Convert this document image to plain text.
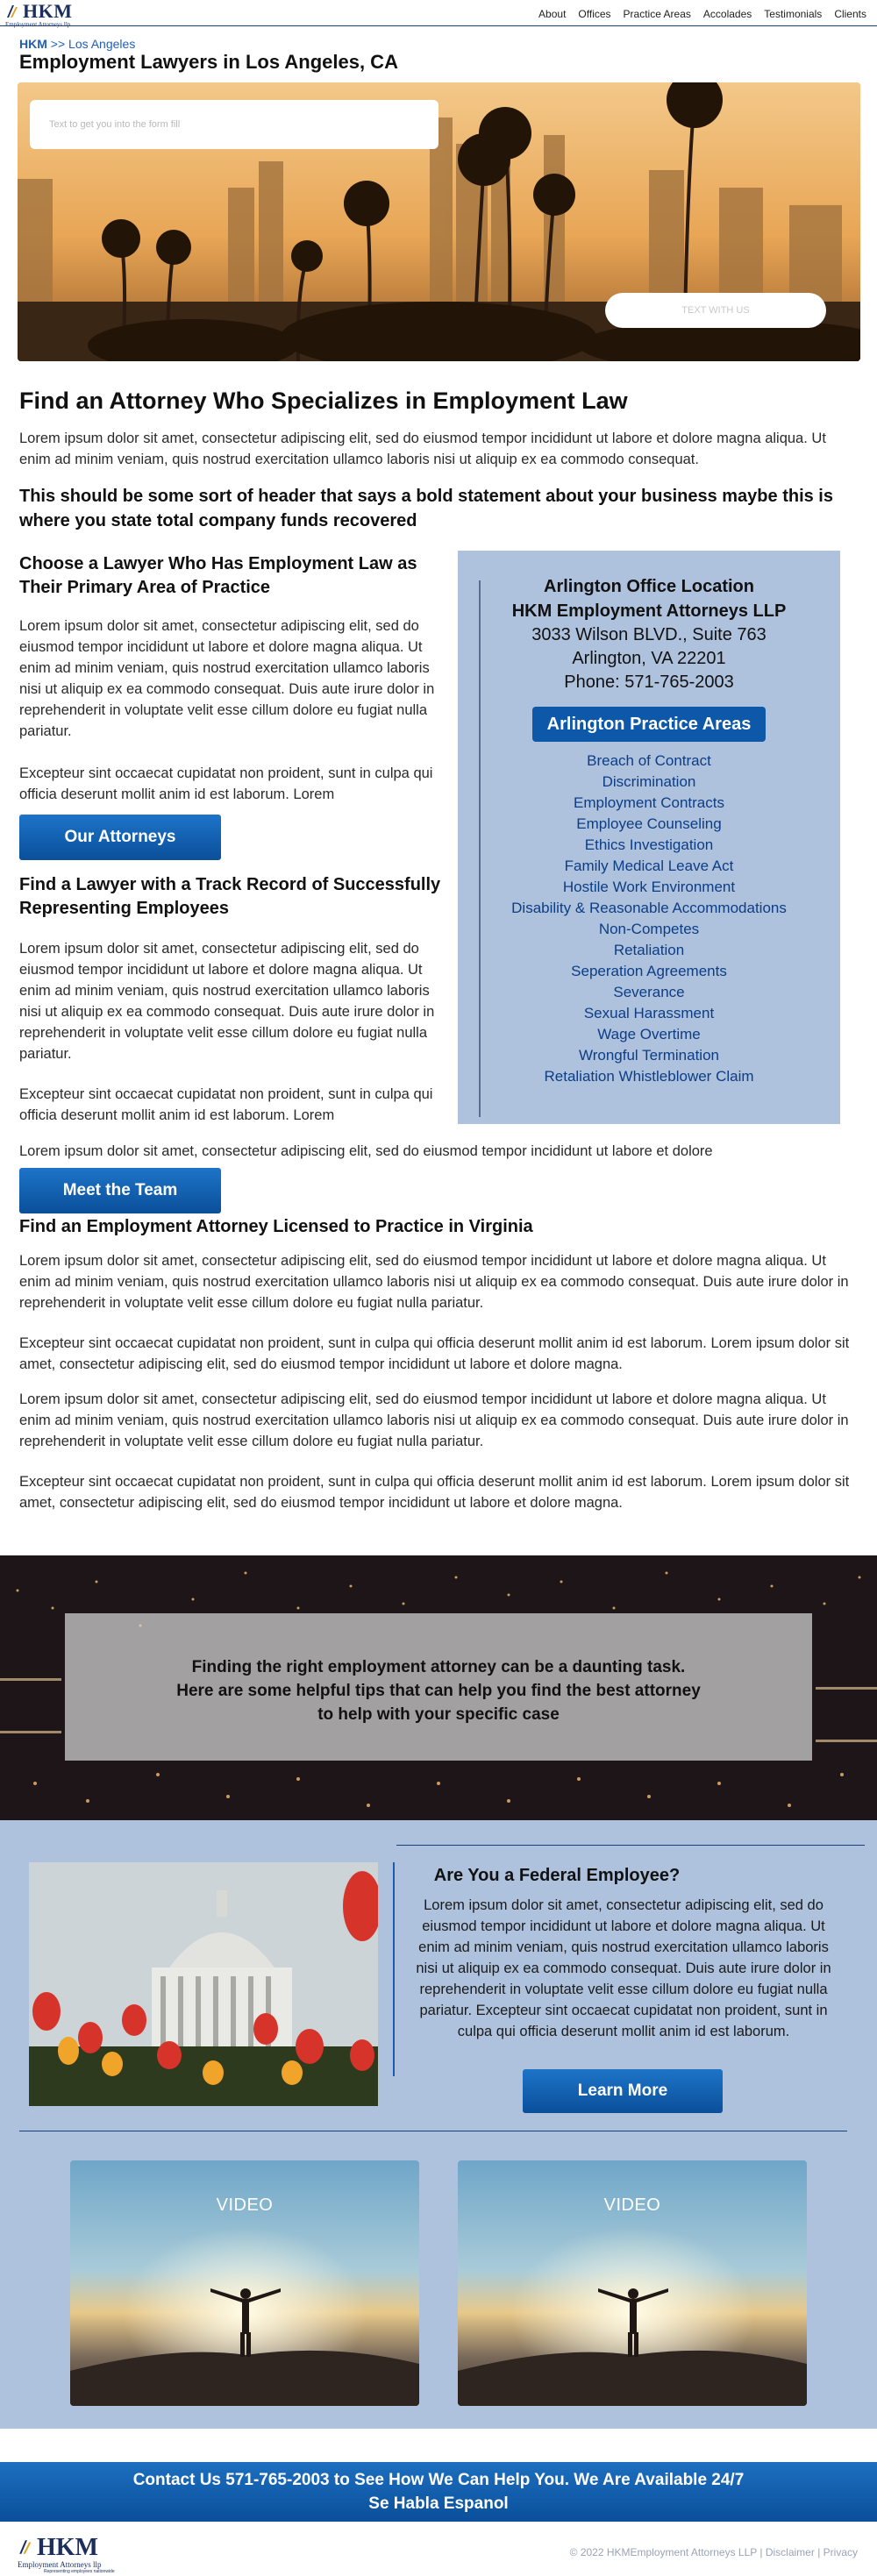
HKM
Employment Attorneys llp
About Offices Practice Areas Accolades Testimonials Clients
HKM >> Los Angeles
Employment Lawyers in Los Angeles, CA
Text to get you into the form fill
TEXT WITH US
Find an Attorney Who Specializes in Employment Law
Lorem ipsum dolor sit amet, consectetur adipiscing elit, sed do eiusmod tempor incididunt ut labore et dolore magna aliqua. Ut enim ad minim veniam, quis nostrud exercitation ullamco laboris nisi ut aliquip ex ea commodo consequat.
This should be some sort of header that says a bold statement about your business maybe this is where you state total company funds recovered
Choose a Lawyer Who Has Employment Law as Their Primary Area of Practice
Lorem ipsum dolor sit amet, consectetur adipiscing elit, sed do eiusmod tempor incididunt ut labore et dolore magna aliqua. Ut enim ad minim veniam, quis nostrud exercitation ullamco laboris nisi ut aliquip ex ea commodo consequat. Duis aute irure dolor in reprehenderit in voluptate velit esse cillum dolore eu fugiat nulla pariatur.
Excepteur sint occaecat cupidatat non proident, sunt in culpa qui officia deserunt mollit anim id est laborum. Lorem
Our Attorneys
Find a Lawyer with a Track Record of Successfully Representing Employees
Lorem ipsum dolor sit amet, consectetur adipiscing elit, sed do eiusmod tempor incididunt ut labore et dolore magna aliqua. Ut enim ad minim veniam, quis nostrud exercitation ullamco laboris nisi ut aliquip ex ea commodo consequat. Duis aute irure dolor in reprehenderit in voluptate velit esse cillum dolore eu fugiat nulla pariatur.
Excepteur sint occaecat cupidatat non proident, sunt in culpa qui officia deserunt mollit anim id est laborum. Lorem
Lorem ipsum dolor sit amet, consectetur adipiscing elit, sed do eiusmod tempor incididunt ut labore et dolore
Meet the Team
Arlington Office Location
HKM Employment Attorneys LLP
3033 Wilson BLVD., Suite 763
Arlington, VA 22201
Phone: 571-765-2003
Arlington Practice Areas
Breach of Contract
Discrimination
Employment Contracts
Employee Counseling
Ethics Investigation
Family Medical Leave Act
Hostile Work Environment
Disability & Reasonable Accommodations
Non-Competes
Retaliation
Seperation Agreements
Severance
Sexual Harassment
Wage Overtime
Wrongful Termination
Retaliation Whistleblower Claim
Find an Employment Attorney Licensed to Practice in Virginia
Lorem ipsum dolor sit amet, consectetur adipiscing elit, sed do eiusmod tempor incididunt ut labore et dolore magna aliqua. Ut enim ad minim veniam, quis nostrud exercitation ullamco laboris nisi ut aliquip ex ea commodo consequat. Duis aute irure dolor in reprehenderit in voluptate velit esse cillum dolore eu fugiat nulla pariatur.
Excepteur sint occaecat cupidatat non proident, sunt in culpa qui officia deserunt mollit anim id est laborum. Lorem ipsum dolor sit amet, consectetur adipiscing elit, sed do eiusmod tempor incididunt ut labore et dolore magna.
Lorem ipsum dolor sit amet, consectetur adipiscing elit, sed do eiusmod tempor incididunt ut labore et dolore magna aliqua. Ut enim ad minim veniam, quis nostrud exercitation ullamco laboris nisi ut aliquip ex ea commodo consequat. Duis aute irure dolor in reprehenderit in voluptate velit esse cillum dolore eu fugiat nulla pariatur.
Excepteur sint occaecat cupidatat non proident, sunt in culpa qui officia deserunt mollit anim id est laborum. Lorem ipsum dolor sit amet, consectetur adipiscing elit, sed do eiusmod tempor incididunt ut labore et dolore magna.

Finding the right employment attorney can be a daunting task.
Here are some helpful tips that can help you find the best attorney
to help with your specific case

Are You a Federal Employee?
Lorem ipsum dolor sit amet, consectetur adipiscing elit, sed do eiusmod tempor incididunt ut labore et dolore magna aliqua. Ut enim ad minim veniam, quis nostrud exercitation ullamco laboris nisi ut aliquip ex ea commodo consequat. Duis aute irure dolor in reprehenderit in voluptate velit esse cillum dolore eu fugiat nulla pariatur. Excepteur sint occaecat cupidatat non proident, sunt in culpa qui officia deserunt mollit anim id est laborum.
Learn More
VIDEO	VIDEO

Contact Us 571-765-2003 to See How We Can Help You. We Are Available 24/7

Se Habla Espanol

HKM
Employment Attorneys llp
Representing employees nationwide
© 2022 HKMEmployment Attorneys LLP | Disclaimer | Privacy
